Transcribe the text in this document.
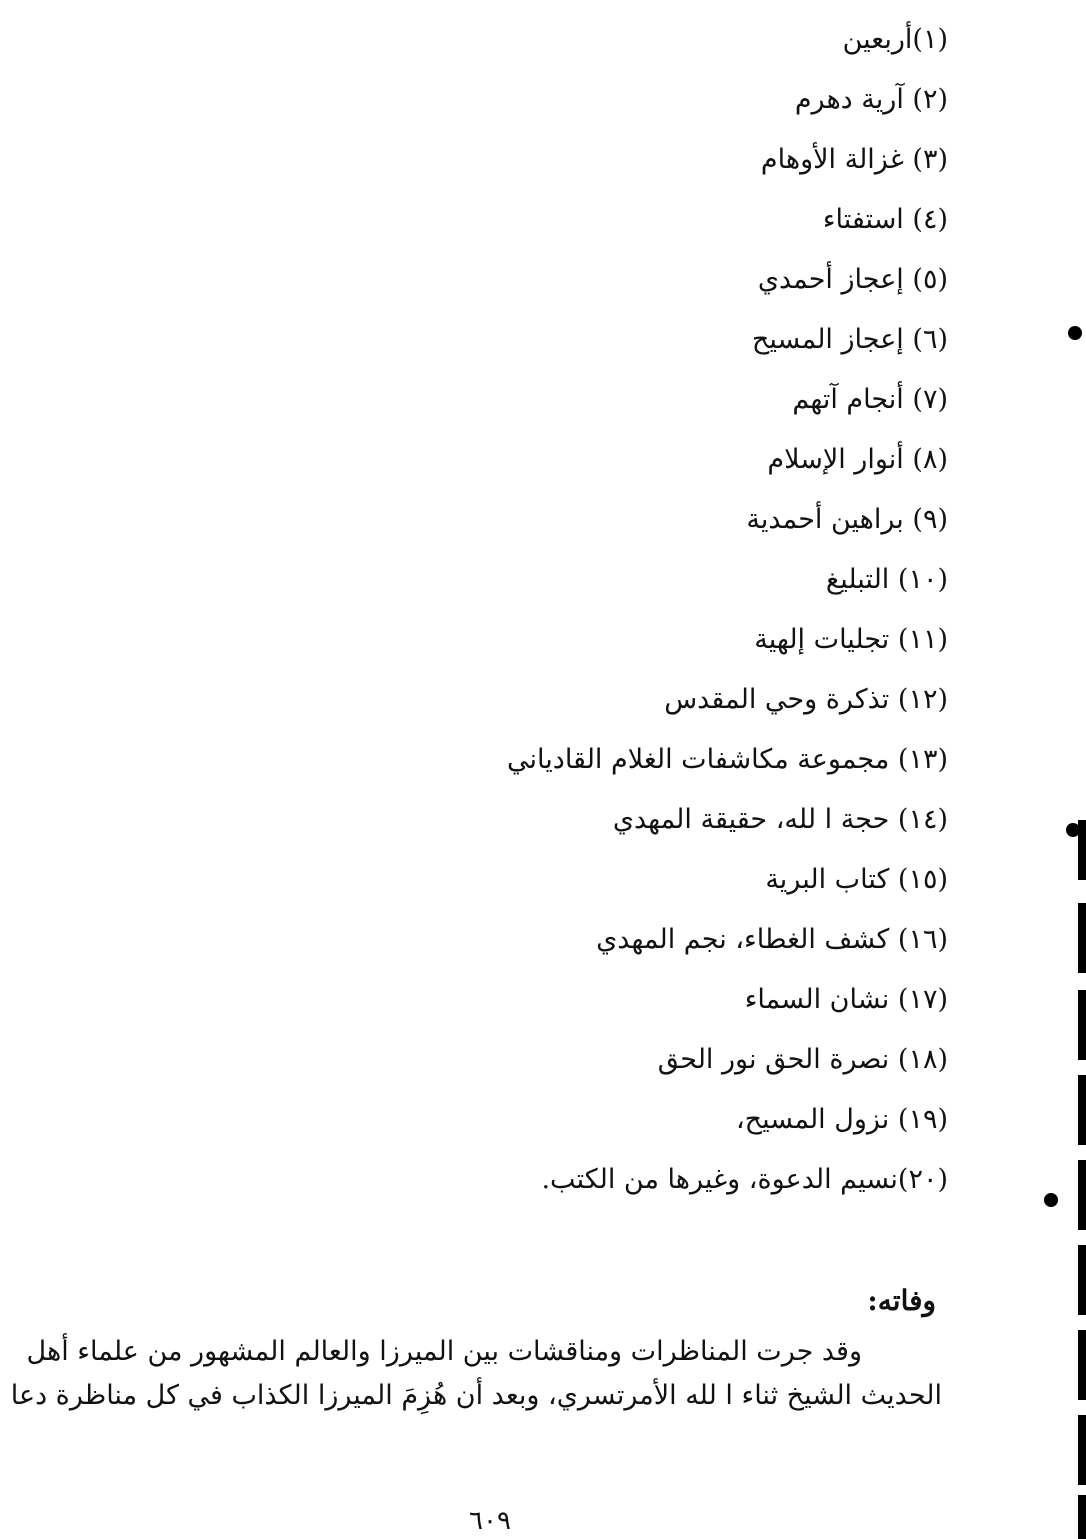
(١)أربعين
(٢) آرية دهرم
(٣) غزالة الأوهام
(٤) استفتاء
(٥) إعجاز أحمدي
(٦) إعجاز المسيح
(٧) أنجام آتهم
(٨) أنوار الإسلام
(٩) براهين أحمدية
(١٠) التبليغ
(١١) تجليات إلهية
(١٢) تذكرة وحي المقدس
(١٣) مجموعة مكاشفات الغلام القادياني
(١٤) حجة ا لله، حقيقة المهدي
(١٥) كتاب البرية
(١٦) كشف الغطاء، نجم المهدي
(١٧) نشان السماء
(١٨) نصرة الحق نور الحق
(١٩) نزول المسيح،
(٢٠)نسيم الدعوة، وغيرها من الكتب.
وفاته:

وقد جرت المناظرات ومناقشات بين الميرزا والعالم المشهور من علماء أهل
الحديث الشيخ ثناء ا لله الأمرتسري، وبعد أن هُزِمَ الميرزا الكذاب في كل مناظرة دعا

٦٠٩
